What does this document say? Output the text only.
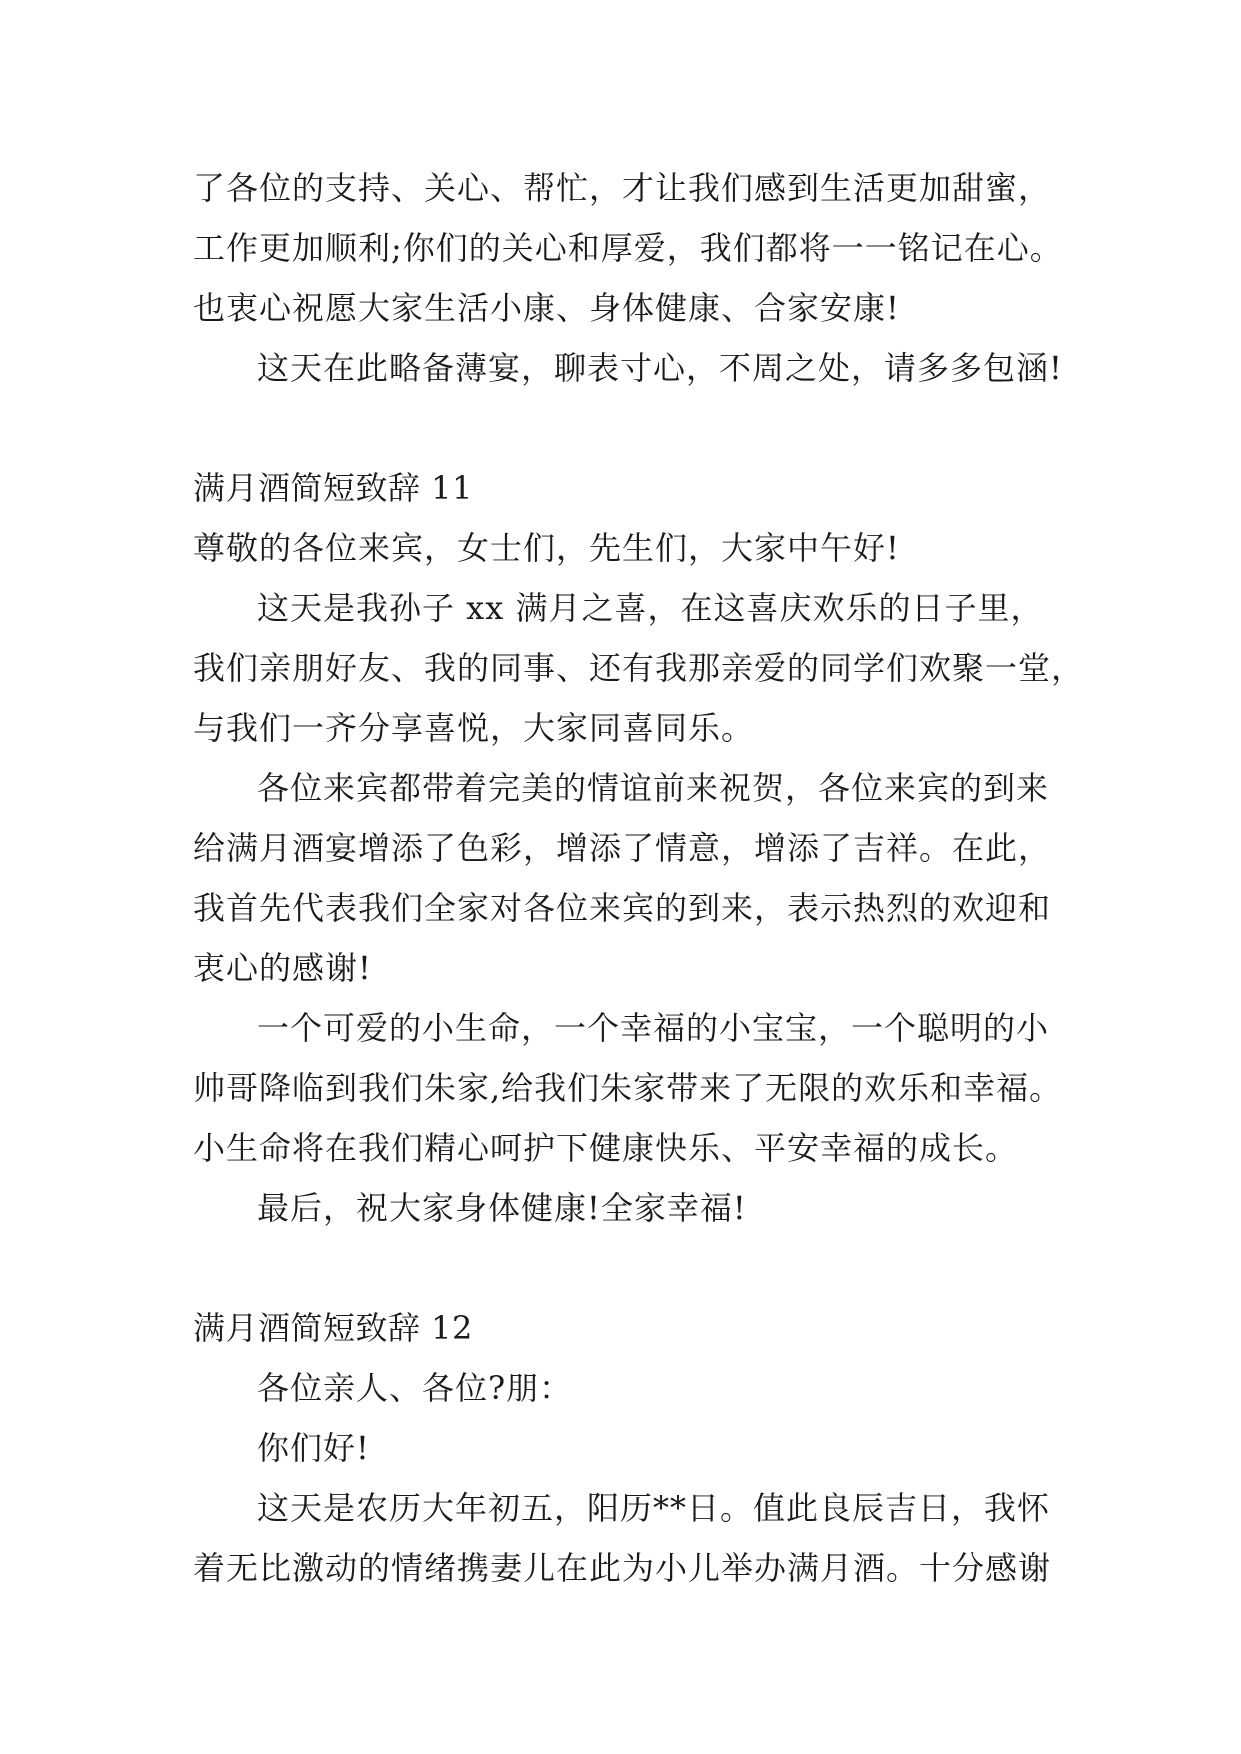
了各位的支持、关心、帮忙，才让我们感到生活更加甜蜜，
工作更加顺利;你们的关心和厚爱，我们都将一一铭记在心。
也衷心祝愿大家生活小康、身体健康、合家安康!
这天在此略备薄宴，聊表寸心，不周之处，请多多包涵!
满月酒简短致辞 11
尊敬的各位来宾，女士们，先生们，大家中午好!
这天是我孙子 xx 满月之喜，在这喜庆欢乐的日子里，
我们亲朋好友、我的同事、还有我那亲爱的同学们欢聚一堂，
与我们一齐分享喜悦，大家同喜同乐。
各位来宾都带着完美的情谊前来祝贺，各位来宾的到来
给满月酒宴增添了色彩，增添了情意，增添了吉祥。在此，
我首先代表我们全家对各位来宾的到来，表示热烈的欢迎和
衷心的感谢!
一个可爱的小生命，一个幸福的小宝宝，一个聪明的小
帅哥降临到我们朱家,给我们朱家带来了无限的欢乐和幸福。
小生命将在我们精心呵护下健康快乐、平安幸福的成长。
最后，祝大家身体健康!全家幸福!
满月酒简短致辞 12
各位亲人、各位?朋：
你们好!
这天是农历大年初五，阳历**日。值此良辰吉日，我怀
着无比激动的情绪携妻儿在此为小儿举办满月酒。十分感谢
